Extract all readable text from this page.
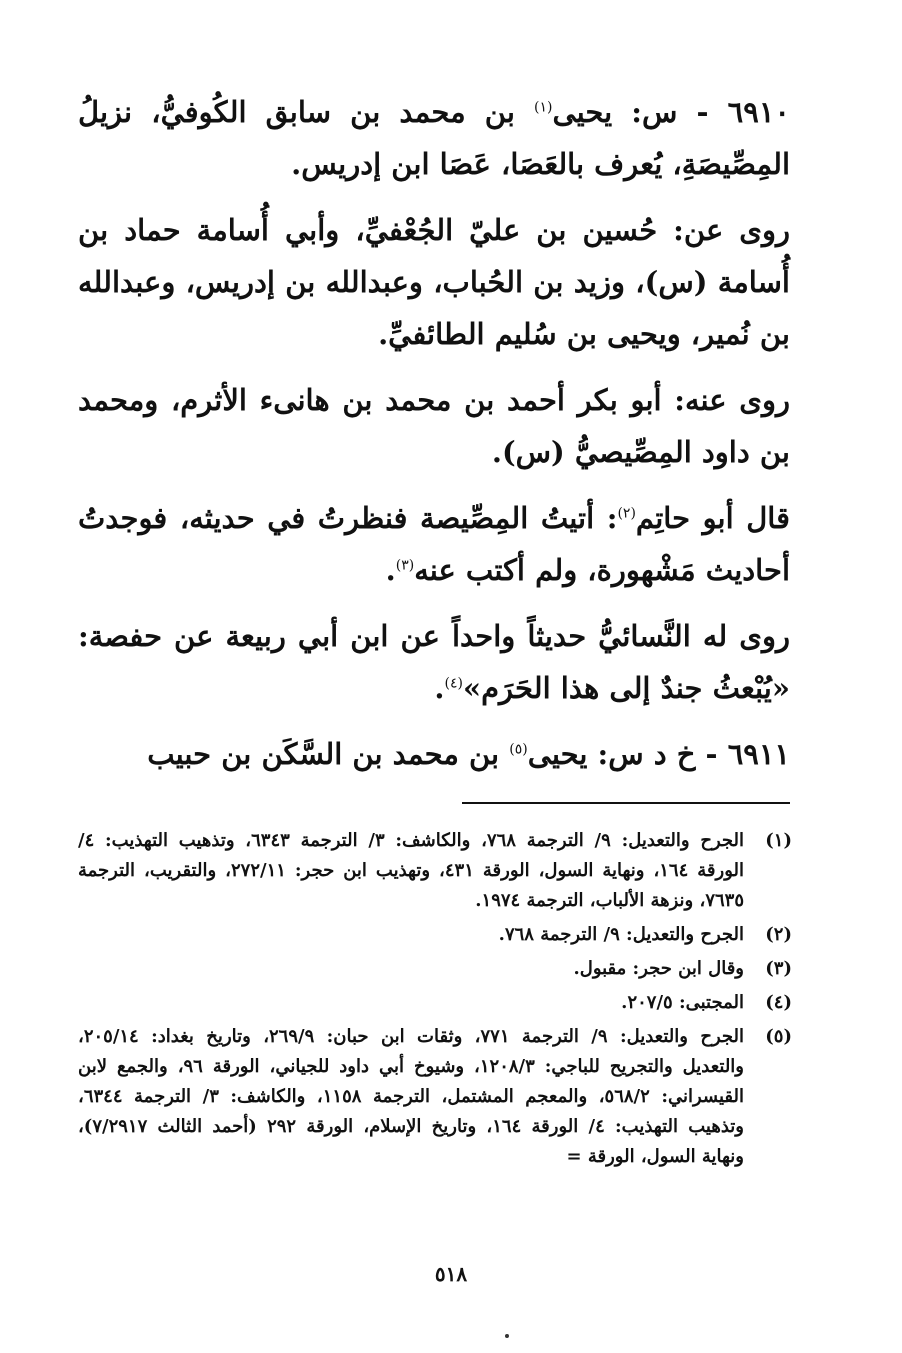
٦٩١٠ - س: يحيى$^{(١)}$ بن محمد بن سابق الكُوفيُّ، نزيلُ المِصِّيصَةِ، يُعرف بالعَصَا، عَصَا ابن إدريس.

روى عن: حُسين بن عليّ الجُعْفيِّ، وأبي أُسامة حماد بن أُسامة (س)، وزيد بن الحُباب، وعبدالله بن إدريس، وعبدالله بن نُمير، ويحيى بن سُليم الطائفيِّ.

روى عنه: أبو بكر أحمد بن محمد بن هانىء الأثرم، ومحمد بن داود المِصِّيصيُّ (س).

قال أبو حاتِم$^{(٢)}$: أتيتُ المِصِّيصة فنظرتُ في حديثه، فوجدتُ أحاديث مَشْهورة، ولم أكتب عنه$^{(٣)}$.

روى له النَّسائيُّ حديثاً واحداً عن ابن أبي ربيعة عن حفصة: «يُبْعثُ جندٌ إلى هذا الحَرَم»$^{(٤)}$.

٦٩١١ - خ د س: يحيى$^{(٥)}$ بن محمد بن السَّكَن بن حبيب

(١)
الجرح والتعديل: ٩/ الترجمة ٧٦٨، والكاشف: ٣/ الترجمة ٦٣٤٣، وتذهيب التهذيب: ٤/ الورقة ١٦٤، ونهاية السول، الورقة ٤٣١، وتهذيب ابن حجر: ٢٧٢/١١، والتقريب، الترجمة ٧٦٣٥، ونزهة الألباب، الترجمة ١٩٧٤.
(٢)
الجرح والتعديل: ٩/ الترجمة ٧٦٨.
(٣)
وقال ابن حجر: مقبول.
(٤)
المجتبى: ٢٠٧/٥.
(٥)
الجرح والتعديل: ٩/ الترجمة ٧٧١، وثقات ابن حبان: ٢٦٩/٩، وتاريخ بغداد: ٢٠٥/١٤، والتعديل والتجريح للباجي: ١٢٠٨/٣، وشيوخ أبي داود للجياني، الورقة ٩٦، والجمع لابن القيسراني: ٥٦٨/٢، والمعجم المشتمل، الترجمة ١١٥٨، والكاشف: ٣/ الترجمة ٦٣٤٤، وتذهيب التهذيب: ٤/ الورقة ١٦٤، وتاريخ الإسلام، الورقة ٢٩٢ (أحمد الثالث ٧/٢٩١٧)، ونهاية السول، الورقة =
٥١٨
